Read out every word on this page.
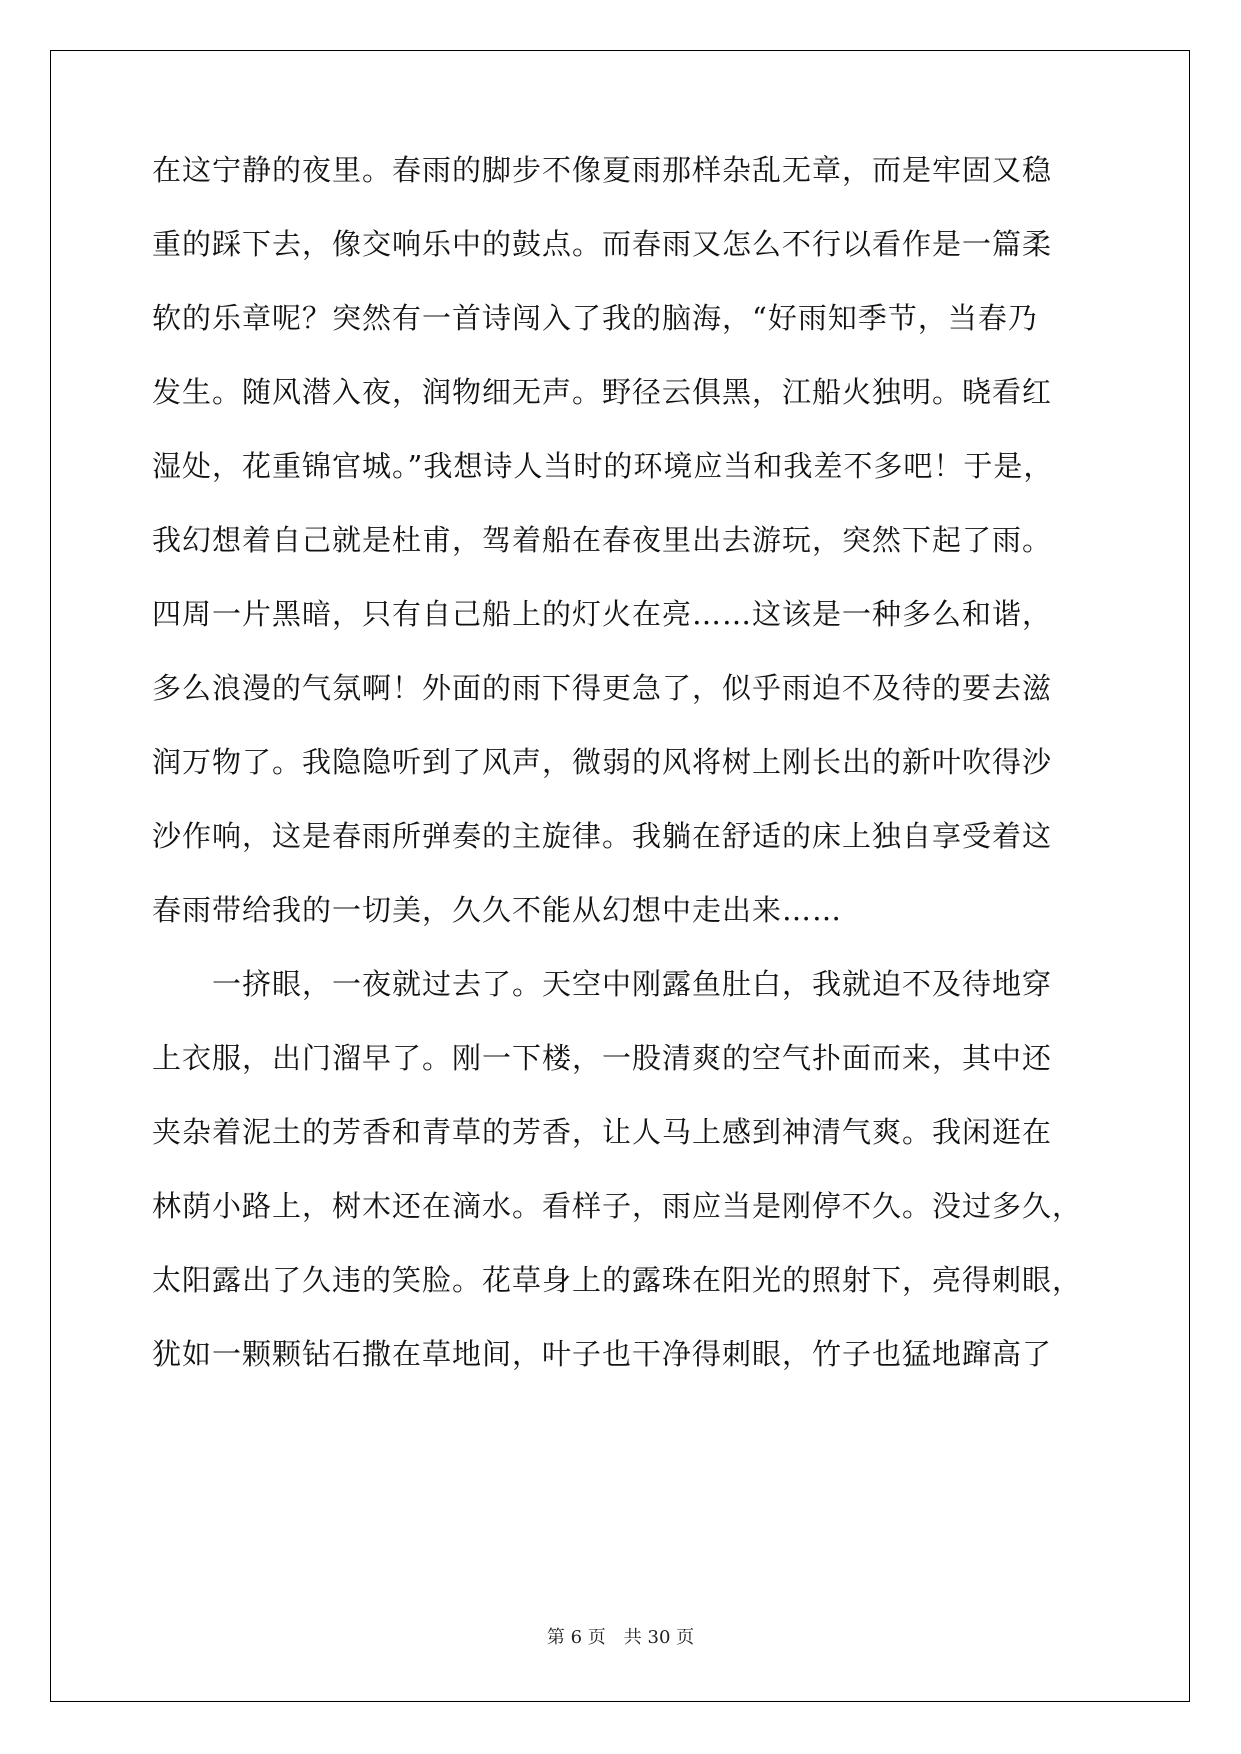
在这宁静的夜里。春雨的脚步不像夏雨那样杂乱无章，而是牢固又稳
重的踩下去，像交响乐中的鼓点。而春雨又怎么不行以看作是一篇柔
软的乐章呢？突然有一首诗闯入了我的脑海，“好雨知季节，当春乃
发生。随风潜入夜，润物细无声。野径云俱黑，江船火独明。晓看红
湿处，花重锦官城。”我想诗人当时的环境应当和我差不多吧！于是，
我幻想着自己就是杜甫，驾着船在春夜里出去游玩，突然下起了雨。
四周一片黑暗，只有自己船上的灯火在亮……这该是一种多么和谐，
多么浪漫的气氛啊！外面的雨下得更急了，似乎雨迫不及待的要去滋
润万物了。我隐隐听到了风声，微弱的风将树上刚长出的新叶吹得沙
沙作响，这是春雨所弹奏的主旋律。我躺在舒适的床上独自享受着这
春雨带给我的一切美，久久不能从幻想中走出来……
　　一挤眼，一夜就过去了。天空中刚露鱼肚白，我就迫不及待地穿
上衣服，出门溜早了。刚一下楼，一股清爽的空气扑面而来，其中还
夹杂着泥土的芳香和青草的芳香，让人马上感到神清气爽。我闲逛在
林荫小路上，树木还在滴水。看样子，雨应当是刚停不久。没过多久，
太阳露出了久违的笑脸。花草身上的露珠在阳光的照射下，亮得刺眼，
犹如一颗颗钻石撒在草地间，叶子也干净得刺眼，竹子也猛地蹿高了
第 6 页 共 30 页
